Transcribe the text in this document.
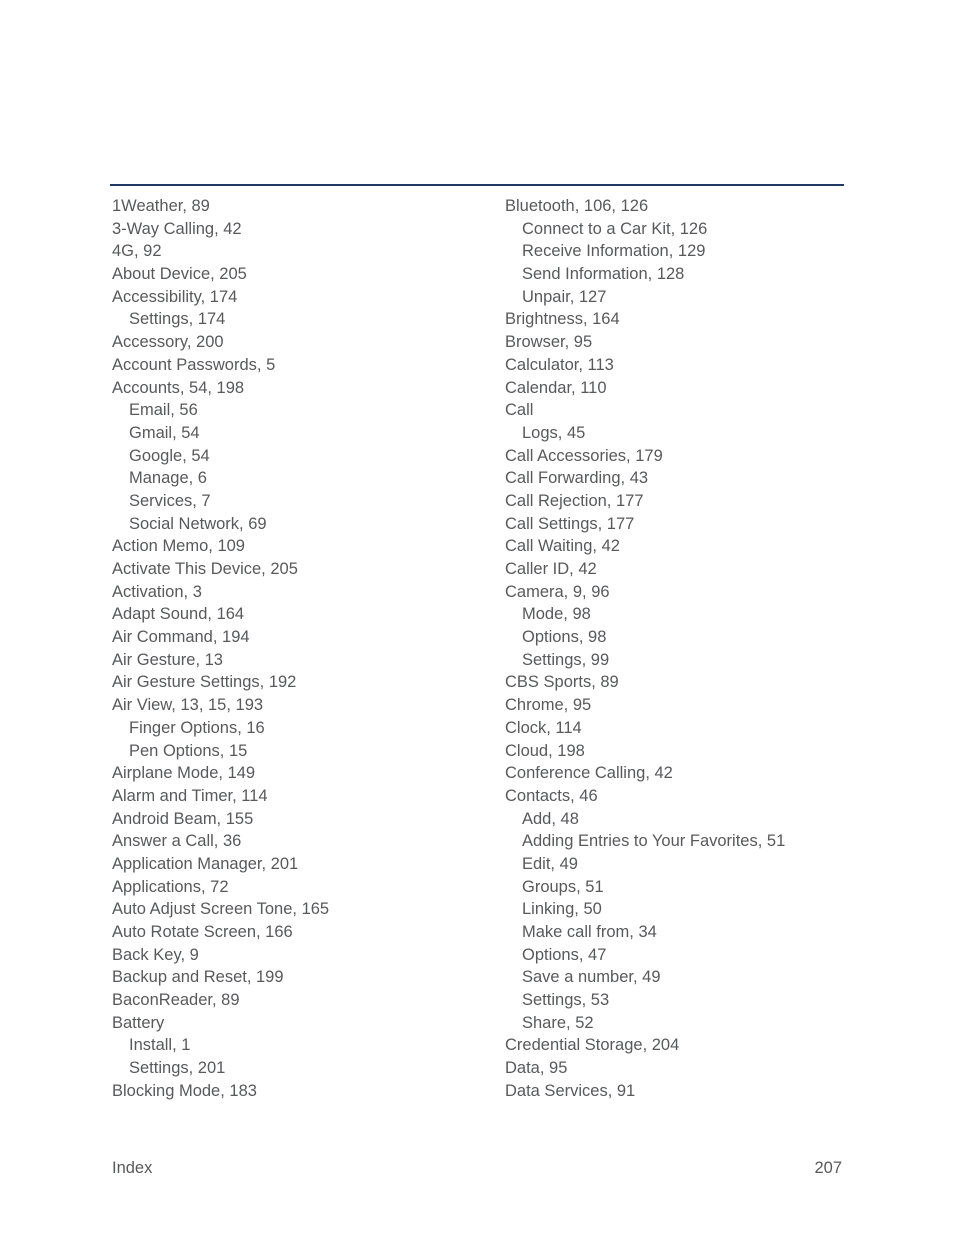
1Weather, 89
3-Way Calling, 42
4G, 92
About Device, 205
Accessibility, 174
Settings, 174
Accessory, 200
Account Passwords, 5
Accounts, 54, 198
Email, 56
Gmail, 54
Google, 54
Manage, 6
Services, 7
Social Network, 69
Action Memo, 109
Activate This Device, 205
Activation, 3
Adapt Sound, 164
Air Command, 194
Air Gesture, 13
Air Gesture Settings, 192
Air View, 13, 15, 193
Finger Options, 16
Pen Options, 15
Airplane Mode, 149
Alarm and Timer, 114
Android Beam, 155
Answer a Call, 36
Application Manager, 201
Applications, 72
Auto Adjust Screen Tone, 165
Auto Rotate Screen, 166
Back Key, 9
Backup and Reset, 199
BaconReader, 89
Battery
Install, 1
Settings, 201
Blocking Mode, 183
Bluetooth, 106, 126
Connect to a Car Kit, 126
Receive Information, 129
Send Information, 128
Unpair, 127
Brightness, 164
Browser, 95
Calculator, 113
Calendar, 110
Call
Logs, 45
Call Accessories, 179
Call Forwarding, 43
Call Rejection, 177
Call Settings, 177
Call Waiting, 42
Caller ID, 42
Camera, 9, 96
Mode, 98
Options, 98
Settings, 99
CBS Sports, 89
Chrome, 95
Clock, 114
Cloud, 198
Conference Calling, 42
Contacts, 46
Add, 48
Adding Entries to Your Favorites, 51
Edit, 49
Groups, 51
Linking, 50
Make call from, 34
Options, 47
Save a number, 49
Settings, 53
Share, 52
Credential Storage, 204
Data, 95
Data Services, 91
Index	207
